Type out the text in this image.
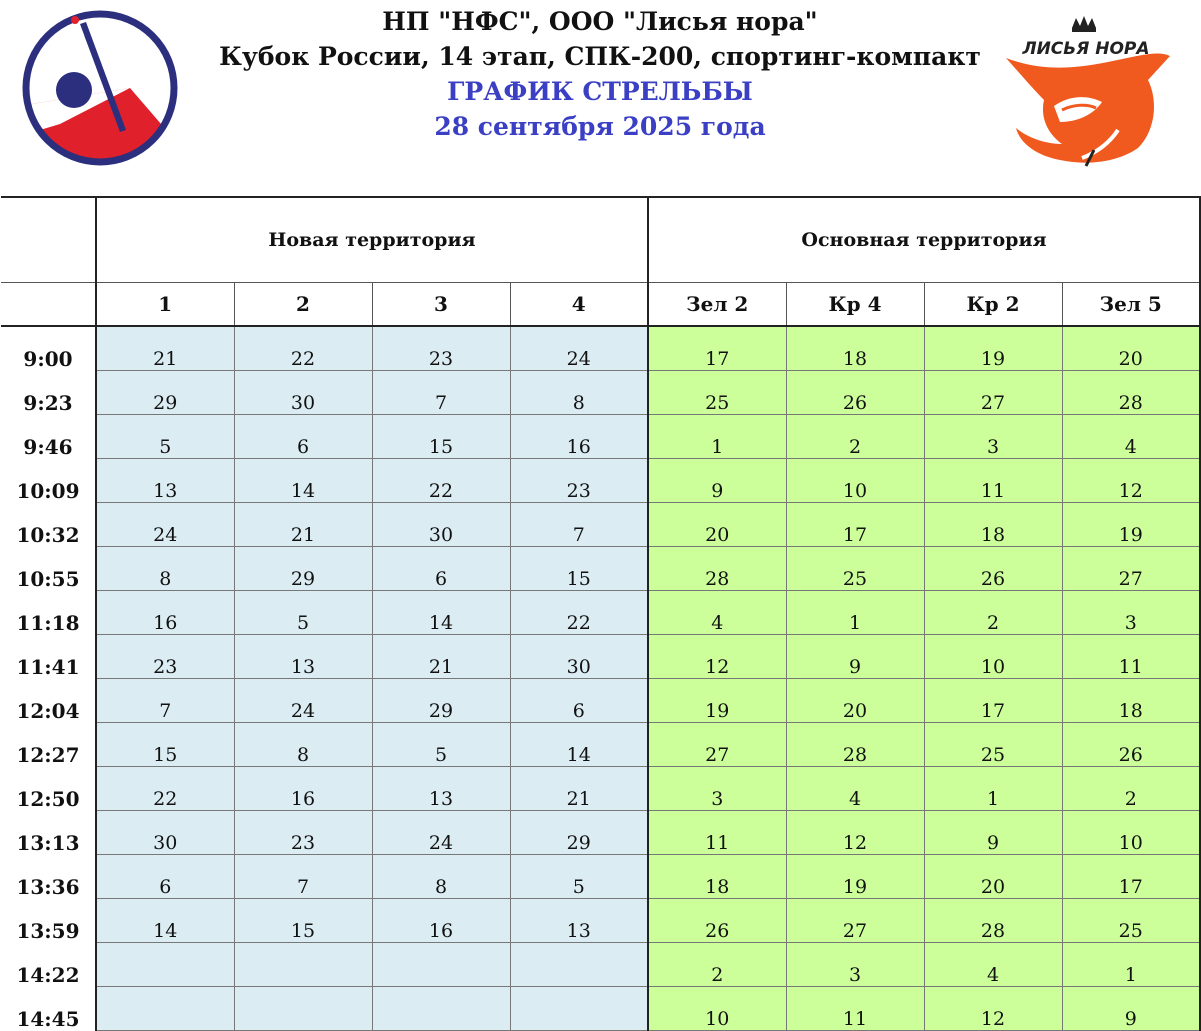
НП "НФС", ООО "Лисья нора"
Кубок России, 14 этап, СПК-200, спортинг-компакт
ГРАФИК СТРЕЛЬБЫ
28 сентября 2025 года
ЛИСЬЯ НОРА
	Новая территория				Основная территория			
	1	2	3	4	Зел 2	Кр 4	Кр 2	Зел 5
9:00	21	22	23	24	17	18	19	20
9:23	29	30	7	8	25	26	27	28
9:46	5	6	15	16	1	2	3	4
10:09	13	14	22	23	9	10	11	12
10:32	24	21	30	7	20	17	18	19
10:55	8	29	6	15	28	25	26	27
11:18	16	5	14	22	4	1	2	3
11:41	23	13	21	30	12	9	10	11
12:04	7	24	29	6	19	20	17	18
12:27	15	8	5	14	27	28	25	26
12:50	22	16	13	21	3	4	1	2
13:13	30	23	24	29	11	12	9	10
13:36	6	7	8	5	18	19	20	17
13:59	14	15	16	13	26	27	28	25
14:22					2	3	4	1
14:45					10	11	12	9
